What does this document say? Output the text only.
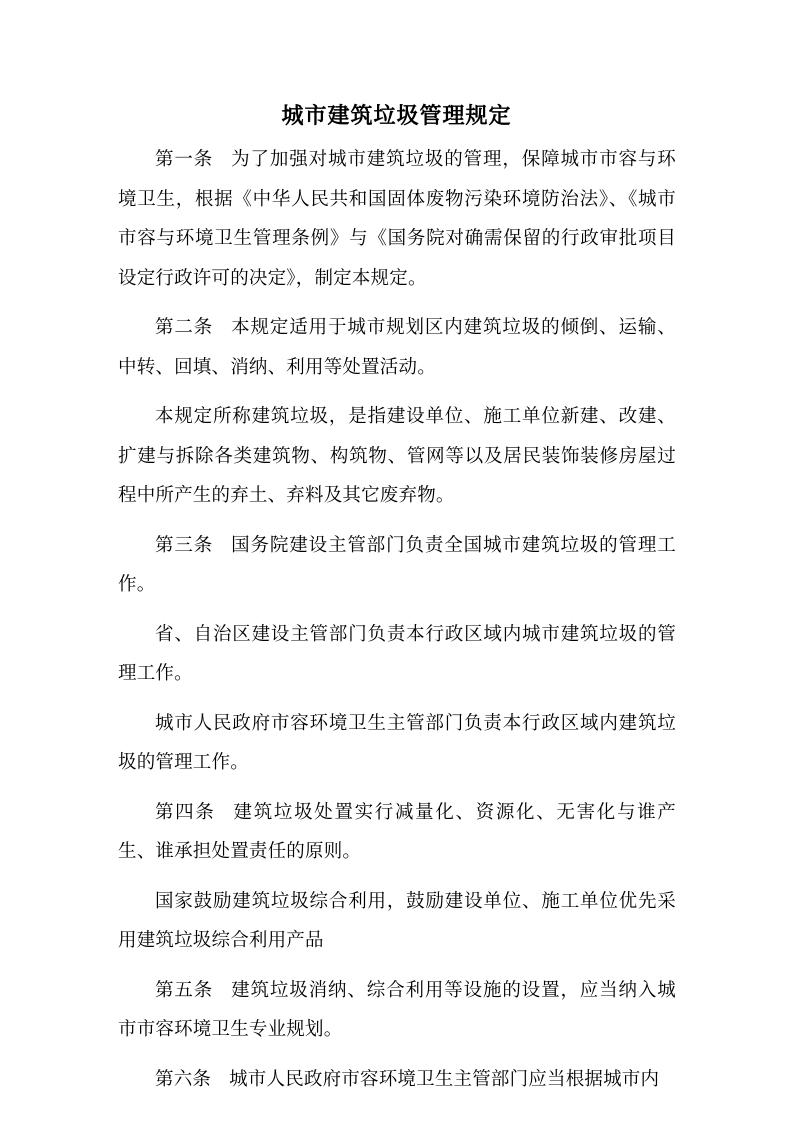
城市建筑垃圾管理规定

第一条 为了加强对城市建筑垃圾的管理，保障城市市容与环境卫生，根据《中华人民共和国固体废物污染环境防治法》、《城市市容与环境卫生管理条例》与《国务院对确需保留的行政审批项目设定行政许可的决定》，制定本规定。

第二条 本规定适用于城市规划区内建筑垃圾的倾倒、运输、中转、回填、消纳、利用等处置活动。

本规定所称建筑垃圾，是指建设单位、施工单位新建、改建、扩建与拆除各类建筑物、构筑物、管网等以及居民装饰装修房屋过程中所产生的弃土、弃料及其它废弃物。

第三条 国务院建设主管部门负责全国城市建筑垃圾的管理工作。

省、自治区建设主管部门负责本行政区域内城市建筑垃圾的管理工作。

城市人民政府市容环境卫生主管部门负责本行政区域内建筑垃圾的管理工作。

第四条 建筑垃圾处置实行减量化、资源化、无害化与谁产生、谁承担处置责任的原则。

国家鼓励建筑垃圾综合利用，鼓励建设单位、施工单位优先采用建筑垃圾综合利用产品

第五条 建筑垃圾消纳、综合利用等设施的设置，应当纳入城市市容环境卫生专业规划。

第六条 城市人民政府市容环境卫生主管部门应当根据城市内
